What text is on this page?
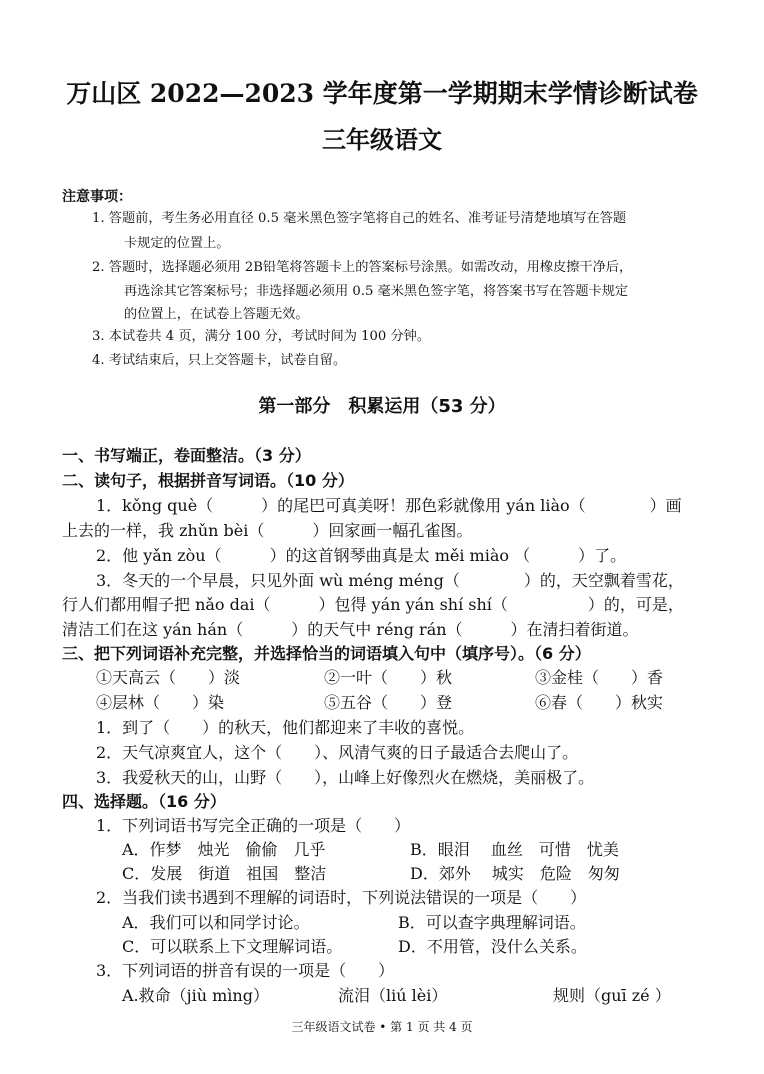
万山区 2022—2023 学年度第一学期期末学情诊断试卷
三年级语文
注意事项：
1. 答题前，考生务必用直径 0.5 毫米黑色签字笔将自己的姓名、准考证号清楚地填写在答题
卡规定的位置上。
2. 答题时，选择题必须用 2B铅笔将答题卡上的答案标号涂黑。如需改动，用橡皮擦干净后，
再选涂其它答案标号；非选择题必须用 0.5 毫米黑色签字笔，将答案书写在答题卡规定
的位置上，在试卷上答题无效。
3. 本试卷共 4 页，满分 100 分，考试时间为 100 分钟。
4. 考试结束后，只上交答题卡，试卷自留。
第一部分　积累运用（53 分）
一、书写端正，卷面整洁。（3 分）
二、读句子，根据拼音写词语。（10 分）
1．kǒng què（　　　）的尾巴可真美呀！那色彩就像用 yán liào（　　　　）画
上去的一样，我 zhǔn bèi（　　　）回家画一幅孔雀图。
2．他 yǎn zòu（　　　）的这首钢琴曲真是太 měi miào （　　　）了。
3．冬天的一个早晨，只见外面 wù méng méng（　　　　）的，天空飘着雪花，
行人们都用帽子把 nǎo dai（　　　）包得 yán yán shí shí（　　　　　）的，可是，
清洁工们在这 yán hán（　　　）的天气中 réng rán（　　　）在清扫着街道。
三、把下列词语补充完整，并选择恰当的词语填入句中（填序号）。（6 分）
①天高云（　　）淡	②一叶（　　）秋	③金桂（　　）香
④层林（　　）染	⑤五谷（　　）登	⑥春（　　）秋实
1．到了（　　）的秋天，他们都迎来了丰收的喜悦。
2．天气凉爽宜人，这个（　　）、风清气爽的日子最适合去爬山了。
3．我爱秋天的山，山野（　　），山峰上好像烈火在燃烧，美丽极了。
四、选择题。（16 分）
1．下列词语书写完全正确的一项是（　　）
A．作梦　烛光　偷偷　几乎	B．眼泪　 血丝　可惜　忧美
C．发展　街道　祖国　整洁	D．郊外　 城实　危险　匆匆
2．当我们读书遇到不理解的词语时，下列说法错误的一项是（　　）
A．我们可以和同学讨论。	B．可以查字典理解词语。
C．可以联系上下文理解词语。	D．不用管，没什么关系。
3．下列词语的拼音有误的一项是（　　）
A.救命（jiù mìng）	流泪（liú lèi）	规则（guī zé ）
三年级语文试卷 • 第 1 页 共 4 页
